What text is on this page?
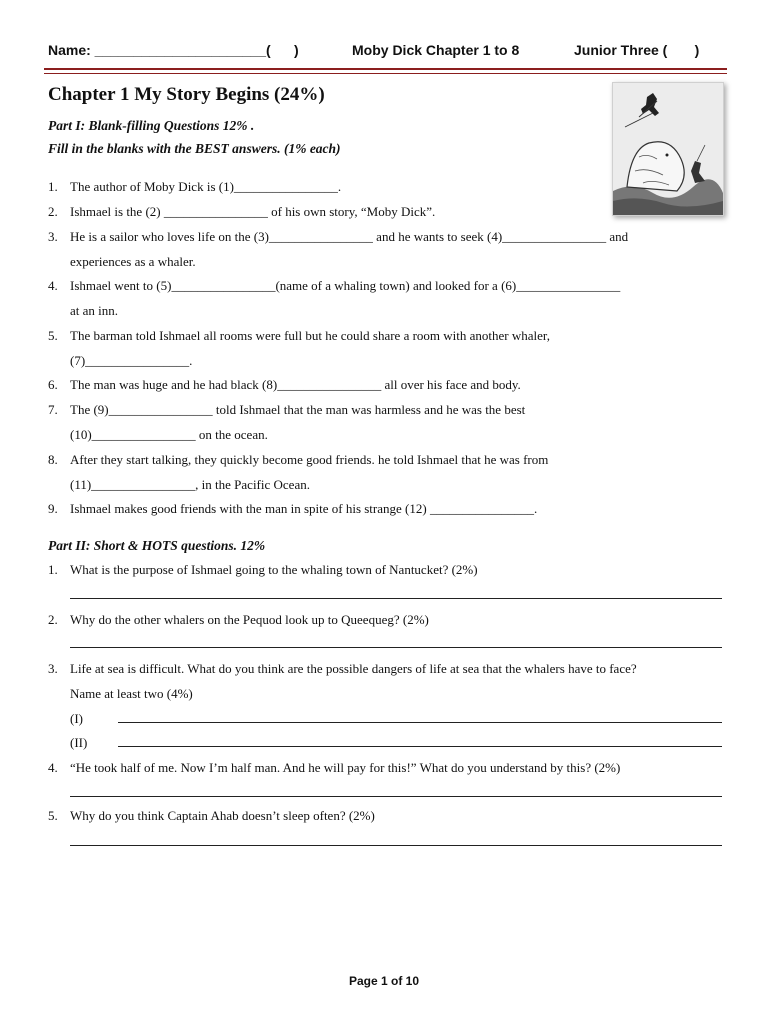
Name: ______________________(      )	Moby Dick Chapter 1 to 8	Junior Three (       )
Chapter 1 My Story Begins (24%)

Part I: Blank-filling Questions 12% .

Fill in the blanks with the BEST answers. (1% each)

1. The author of Moby Dick is (1)________________.
2. Ishmael is the (2) ________________ of his own story, “Moby Dick”.
3. He is a sailor who loves life on the (3)________________ and he wants to seek (4)________________ and
experiences as a whaler.
4. Ishmael went to (5)________________(name of a whaling town) and looked for a (6)________________
at an inn.
5. The barman told Ishmael all rooms were full but he could share a room with another whaler,
(7)________________.
6. The man was huge and he had black (8)________________ all over his face and body.
7. The (9)________________ told Ishmael that the man was harmless and he was the best
(10)________________ on the ocean.
8. After they start talking, they quickly become good friends. he told Ishmael that he was from
(11)________________, in the Pacific Ocean.
9. Ishmael makes good friends with the man in spite of his strange (12) ________________.

Part II: Short & HOTS questions. 12%

1. What is the purpose of Ishmael going to the whaling town of Nantucket? (2%)
2. Why do the other whalers on the Pequod look up to Queequeg? (2%)
3. Life at sea is difficult. What do you think are the possible dangers of life at sea that the whalers have to face?
Name at least two (4%)
(I)
(II)
4. “He took half of me. Now I’m half man. And he will pay for this!” What do you understand by this? (2%)
5. Why do you think Captain Ahab doesn’t sleep often? (2%)
Page 1 of 10
